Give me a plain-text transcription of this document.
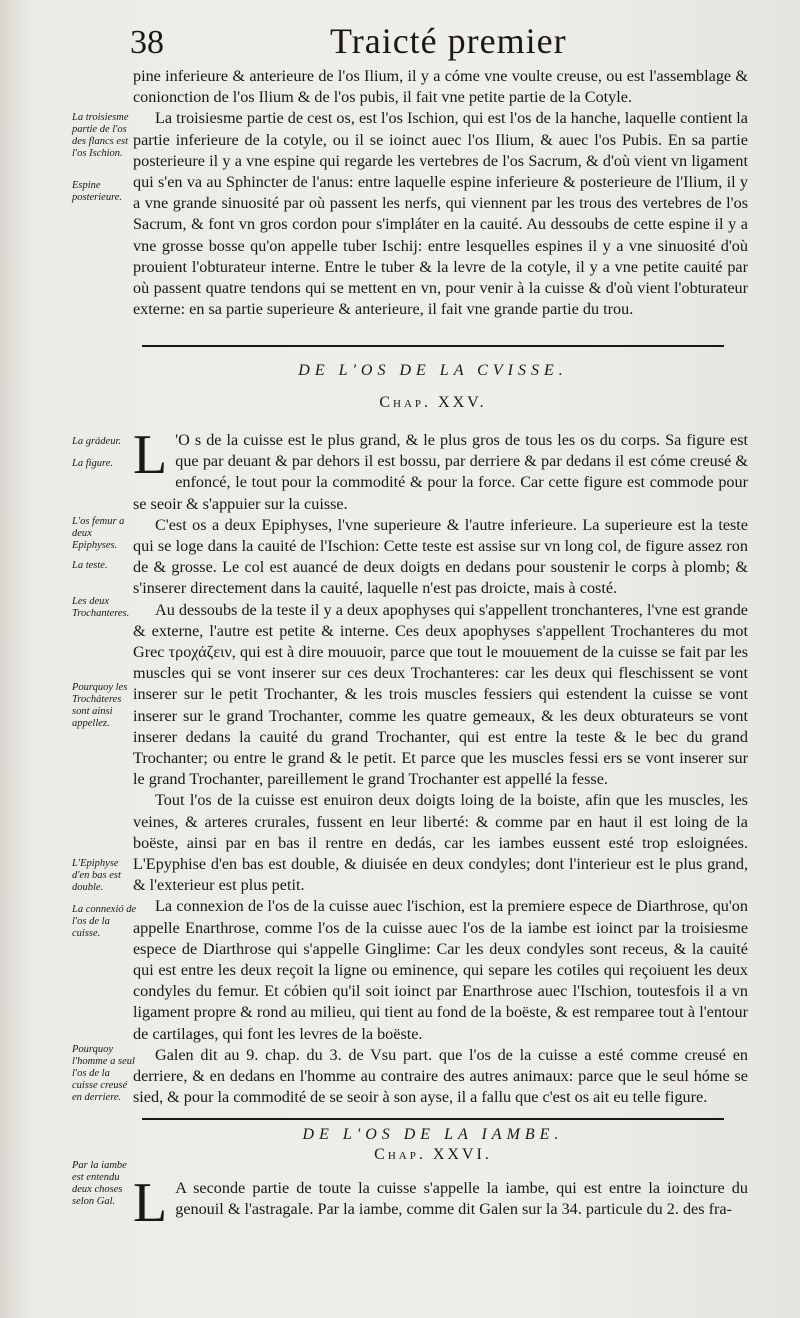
38	Traicté premier
La troisiesme partie de l'os des flancs est l'os Ischion.
Espine posterieure.
La grádeur.
La figure.
L'os femur a deux Epiphyses.
La teste.
Les deux Trochanteres.
Pourquoy les Trocháteres sont ainsi appellez.
L'Epiphyse d'en bas est double.
La connexió de l'os de la cuisse.
Pourquoy l'homme a seul l'os de la cuisse creusé en derriere.
Par la iambe est entendu deux choses selon Gal.

pine inferieure & anterieure de l'os Ilium, il y a cóme vne voulte creuse, ou est l'assemblage & conionction de l'os Ilium & de l'os pubis, il fait vne petite partie de la Cotyle.

La troisiesme partie de cest os, est l'os Ischion, qui est l'os de la hanche, laquelle contient la partie inferieure de la cotyle, ou il se ioinct auec l'os Ilium, & auec l'os Pubis. En sa partie posterieure il y a vne espine qui regarde les vertebres de l'os Sacrum, & d'où vient vn ligament qui s'en va au Sphincter de l'anus: entre laquelle espine inferieure & posterieure de l'Ilium, il y a vne grande sinuosité par où passent les nerfs, qui viennent par les trous des vertebres de l'os Sacrum, & font vn gros cordon pour s'impláter en la cauité. Au dessoubs de cette espine il y a vne grosse bosse qu'on appelle tuber Ischij: entre lesquelles espines il y a vne sinuosité d'où prouient l'obturateur interne. Entre le tuber & la levre de la cotyle, il y a vne petite cauité par où passent quatre tendons qui se mettent en vn, pour venir à la cuisse & d'où vient l'obturateur externe: en sa partie superieure & anterieure, il fait vne grande partie du trou.

DE L'OS DE LA CVISSE.
Chap. XXV.

L 'O s de la cuisse est le plus grand, & le plus gros de tous les os du corps. Sa figure est que par deuant & par dehors il est bossu, par derriere & par dedans il est cóme creusé & enfoncé, le tout pour la commodité & pour la force. Car cette figure est commode pour se seoir & s'appuier sur la cuisse.

C'est os a deux Epiphyses, l'vne superieure & l'autre inferieure. La superieure est la teste qui se loge dans la cauité de l'Ischion: Cette teste est assise sur vn long col, de figure assez ron de & grosse. Le col est auancé de deux doigts en dedans pour soustenir le corps à plomb; & s'inserer directement dans la cauité, laquelle n'est pas droicte, mais à costé.

Au dessoubs de la teste il y a deux apophyses qui s'appellent tronchanteres, l'vne est grande & externe, l'autre est petite & interne. Ces deux apophyses s'appellent Trochanteres du mot Grec τροχάζειν, qui est à dire mouuoir, parce que tout le mouuement de la cuisse se fait par les muscles qui se vont inserer sur ces deux Trochanteres: car les deux qui fleschissent se vont inserer sur le petit Trochanter, & les trois muscles fessiers qui estendent la cuisse se vont inserer sur le grand Trochanter, comme les quatre gemeaux, & les deux obturateurs se vont inserer dedans la cauité du grand Trochanter, qui est entre la teste & le bec du grand Trochanter; ou entre le grand & le petit. Et parce que les muscles fessi ers se vont inserer sur le grand Trochanter, pareillement le grand Trochanter est appellé la fesse.

Tout l'os de la cuisse est enuiron deux doigts loing de la boiste, afin que les muscles, les veines, & arteres crurales, fussent en leur liberté: & comme par en haut il est loing de la boëste, ainsi par en bas il rentre en dedás, car les iambes eussent esté trop esloignées. L'Epyphise d'en bas est double, & diuisée en deux condyles; dont l'interieur est le plus grand, & l'exterieur est plus petit.

La connexion de l'os de la cuisse auec l'ischion, est la premiere espece de Diarthrose, qu'on appelle Enarthrose, comme l'os de la cuisse auec l'os de la iambe est ioinct par la troisiesme espece de Diarthrose qui s'appelle Ginglime: Car les deux condyles sont receus, & la cauité qui est entre les deux reçoit la ligne ou eminence, qui separe les cotiles qui reçoiuent les deux condyles du femur. Et cóbien qu'il soit ioinct par Enarthrose auec l'Ischion, toutesfois il a vn ligament propre & rond au milieu, qui tient au fond de la boëste, & est remparee tout à l'entour de cartilages, qui font les levres de la boëste.

Galen dit au 9. chap. du 3. de Vsu part. que l'os de la cuisse a esté comme creusé en derriere, & en dedans en l'homme au contraire des autres animaux: parce que le seul hóme se sied, & pour la commodité de se seoir à son ayse, il a fallu que c'est os ait eu telle figure.

DE L'OS DE LA IAMBE.
Chap. XXVI.

L A seconde partie de toute la cuisse s'appelle la iambe, qui est entre la ioincture du genouil & l'astragale. Par la iambe, comme dit Galen sur la 34. particule du 2. des fra-
